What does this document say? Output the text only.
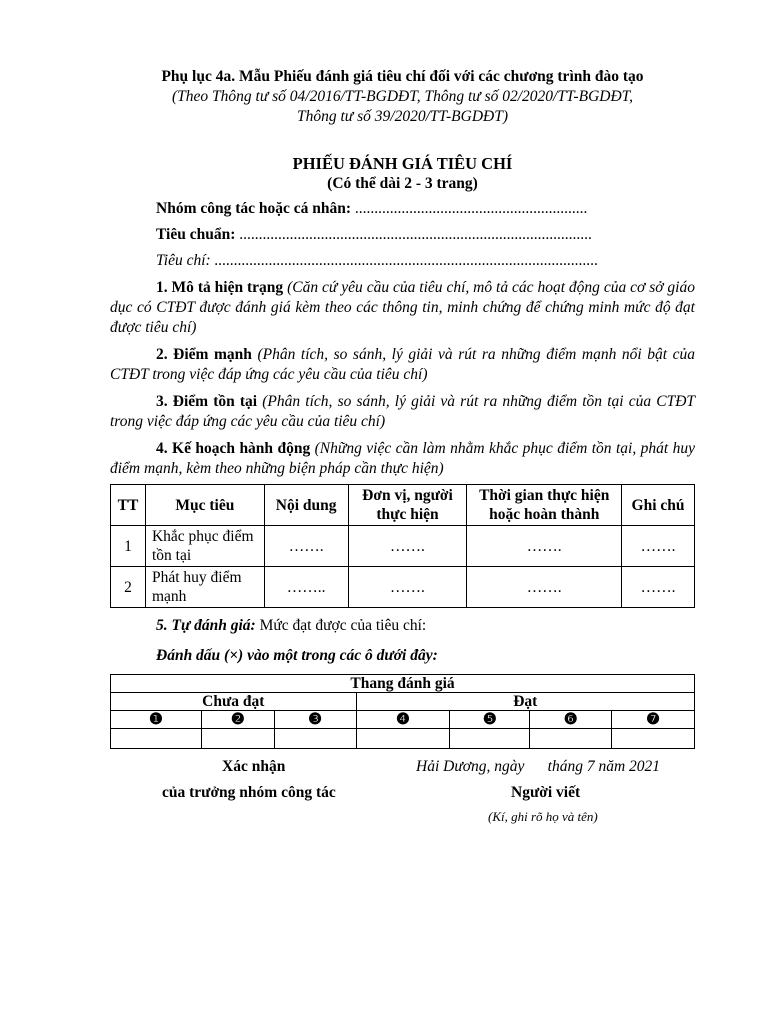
Phụ lục 4a. Mẫu Phiếu đánh giá tiêu chí đối với các chương trình đào tạo

(Theo Thông tư số 04/2016/TT-BGDĐT, Thông tư số 02/2020/TT-BGDĐT,

Thông tư số 39/2020/TT-BGDĐT)

PHIẾU ĐÁNH GIÁ TIÊU CHÍ
(Có thể dài 2 - 3 trang)
Nhóm công tác hoặc cá nhân: ............................................................
Tiêu chuẩn: ...........................................................................................
Tiêu chí: ...................................................................................................
1. Mô tả hiện trạng (Căn cứ yêu cầu của tiêu chí, mô tả các hoạt động của cơ sở giáo dục có CTĐT được đánh giá kèm theo các thông tin, minh chứng để chứng minh mức độ đạt được tiêu chí)
2. Điểm mạnh (Phân tích, so sánh, lý giải và rút ra những điểm mạnh nổi bật của CTĐT trong việc đáp ứng các yêu cầu của tiêu chí)
3. Điểm tồn tại (Phân tích, so sánh, lý giải và rút ra những điểm tồn tại của CTĐT trong việc đáp ứng các yêu cầu của tiêu chí)
4. Kế hoạch hành động (Những việc cần làm nhằm khắc phục điểm tồn tại, phát huy điểm mạnh, kèm theo những biện pháp cần thực hiện)
TT	Mục tiêu	Nội dung	Đơn vị, người thực hiện	Thời gian thực hiện hoặc hoàn thành	Ghi chú
1	Khắc phục điểm tồn tại	…….	…….	…….	…….
2	Phát huy điểm mạnh	……..	…….	…….	…….
5. Tự đánh giá: Mức đạt được của tiêu chí:
Đánh dấu (×) vào một trong các ô dưới đây:
Thang đánh giá						
Chưa đạt			Đạt			
❶	❷	❸	❹	❺	❻	❼

Xác nhận	Hải Dương, ngày      tháng 7 năm 2021
của trưởng nhóm công tác	Người viết
(Kí, ghi rõ họ và tên)
